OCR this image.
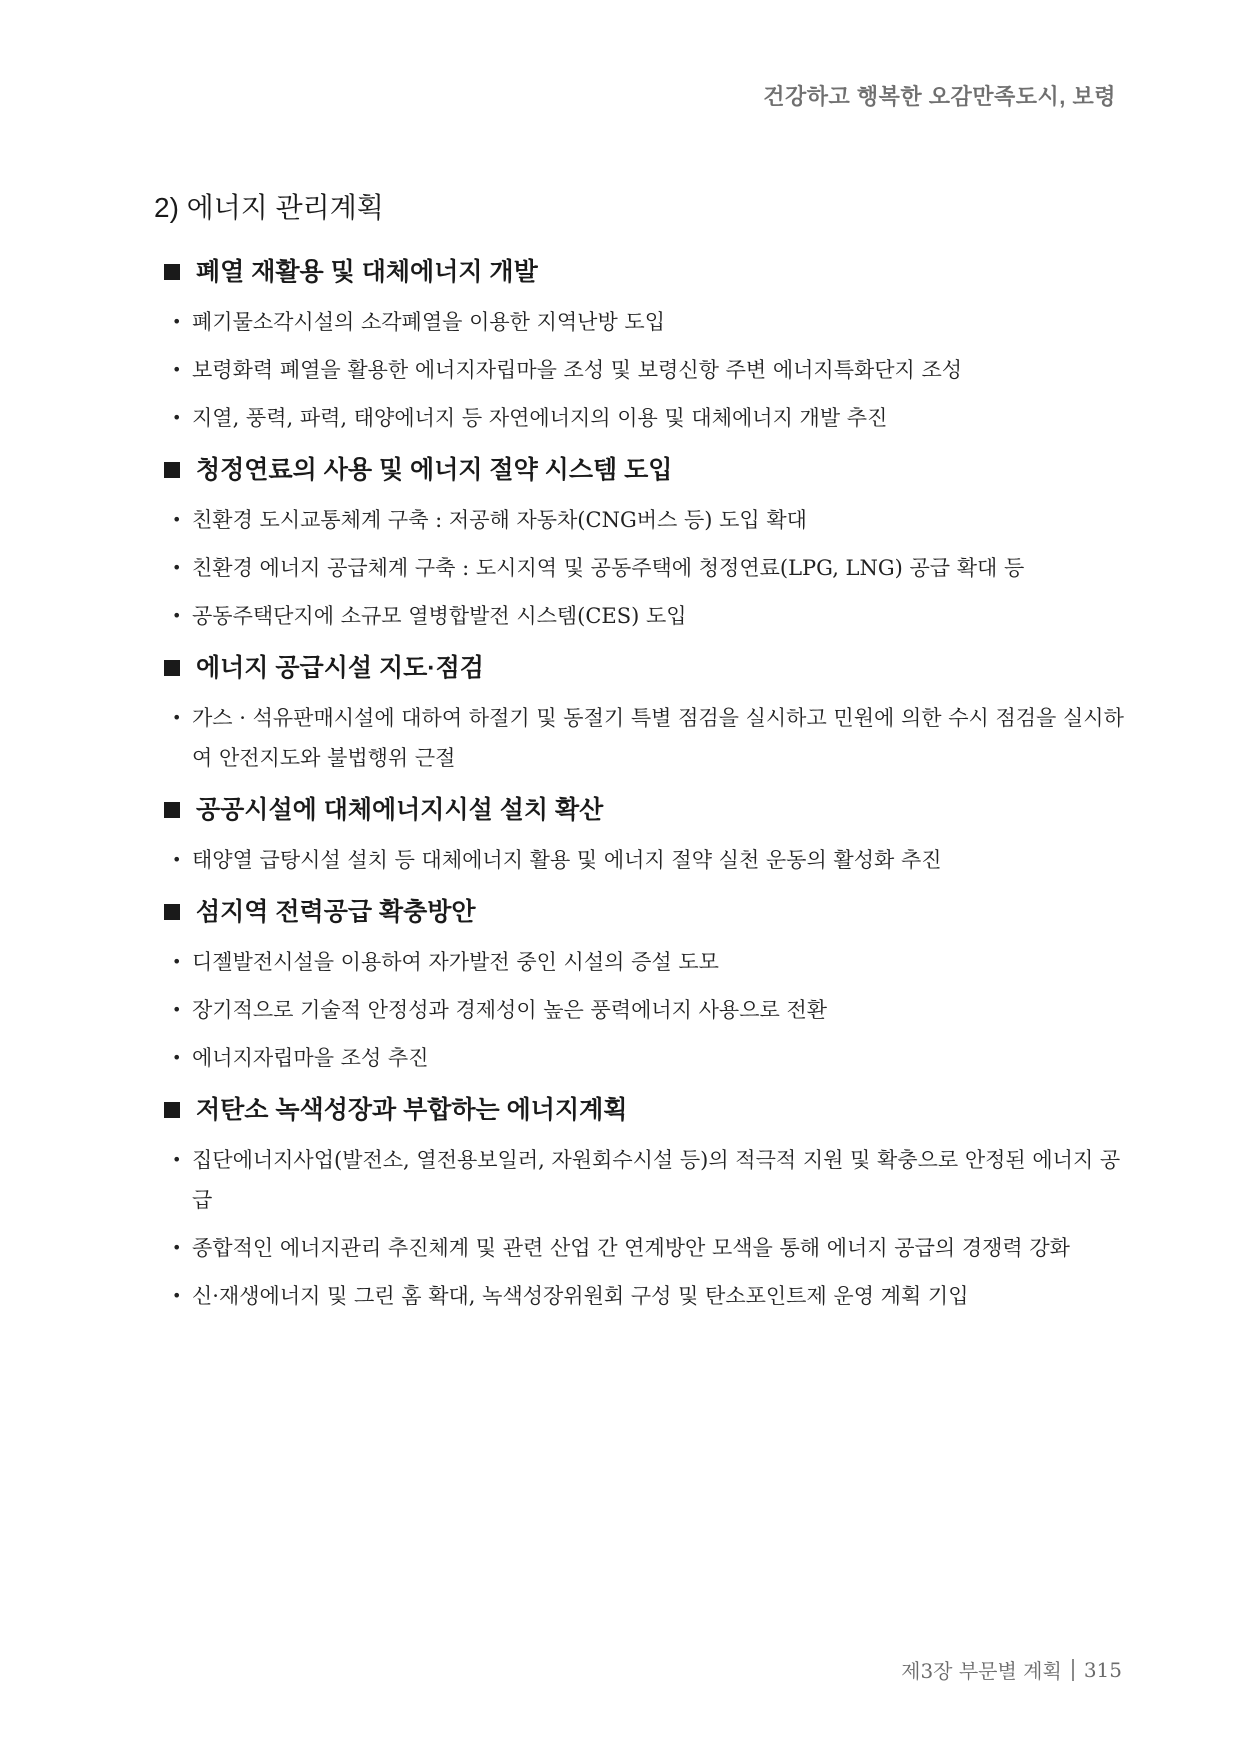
건강하고 행복한 오감만족도시, 보령
2) 에너지 관리계획
폐열 재활용 및 대체에너지 개발
• 폐기물소각시설의 소각폐열을 이용한 지역난방 도입
• 보령화력 폐열을 활용한 에너지자립마을 조성 및 보령신항 주변 에너지특화단지 조성
• 지열, 풍력, 파력, 태양에너지 등 자연에너지의 이용 및 대체에너지 개발 추진
청정연료의 사용 및 에너지 절약 시스템 도입
• 친환경 도시교통체계 구축 : 저공해 자동차(CNG버스 등) 도입 확대
• 친환경 에너지 공급체계 구축 : 도시지역 및 공동주택에 청정연료(LPG, LNG) 공급 확대 등
• 공동주택단지에 소규모 열병합발전 시스템(CES) 도입
에너지 공급시설 지도·점검
• 가스 · 석유판매시설에 대하여 하절기 및 동절기 특별 점검을 실시하고 민원에 의한 수시 점검을 실시하여 안전지도와 불법행위 근절
공공시설에 대체에너지시설 설치 확산
• 태양열 급탕시설 설치 등 대체에너지 활용 및 에너지 절약 실천 운동의 활성화 추진
섬지역 전력공급 확충방안
• 디젤발전시설을 이용하여 자가발전 중인 시설의 증설 도모
• 장기적으로 기술적 안정성과 경제성이 높은 풍력에너지 사용으로 전환
• 에너지자립마을 조성 추진
저탄소 녹색성장과 부합하는 에너지계획
• 집단에너지사업(발전소, 열전용보일러, 자원회수시설 등)의 적극적 지원 및 확충으로 안정된 에너지 공급
• 종합적인 에너지관리 추진체계 및 관련 산업 간 연계방안 모색을 통해 에너지 공급의 경쟁력 강화
• 신·재생에너지 및 그린 홈 확대, 녹색성장위원회 구성 및 탄소포인트제 운영 계획 기입
제3장 부문별 계획 315
